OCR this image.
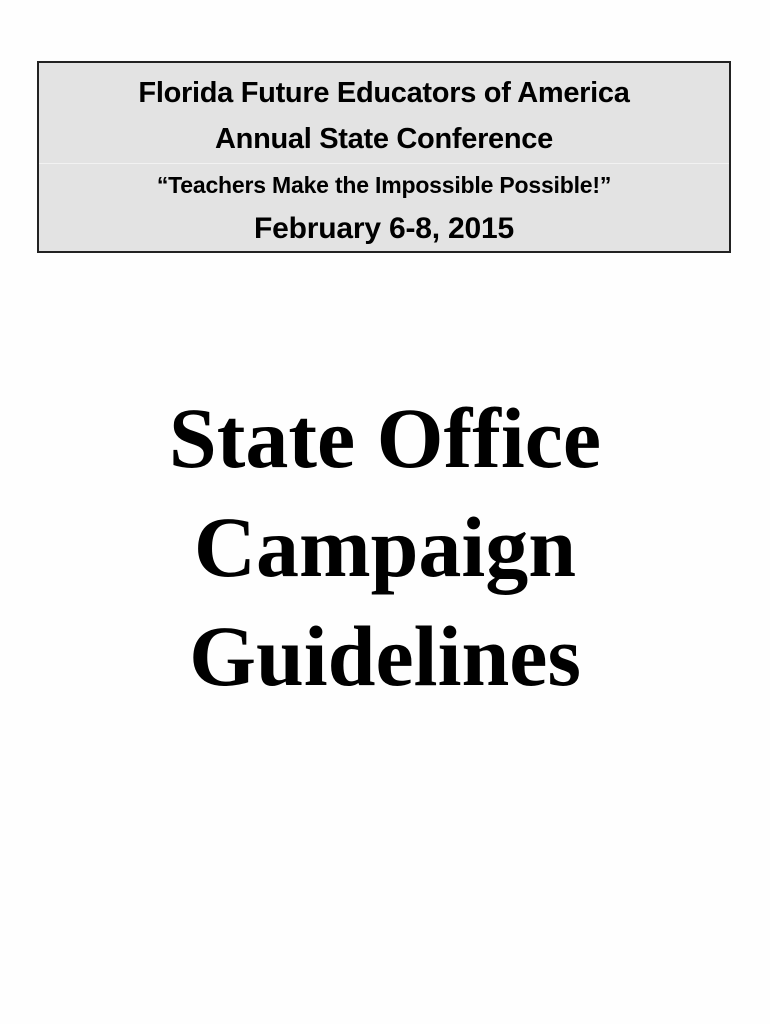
Florida Future Educators of America
Annual State Conference
“Teachers Make the Impossible Possible!”
February 6-8, 2015
State Office
Campaign
Guidelines
